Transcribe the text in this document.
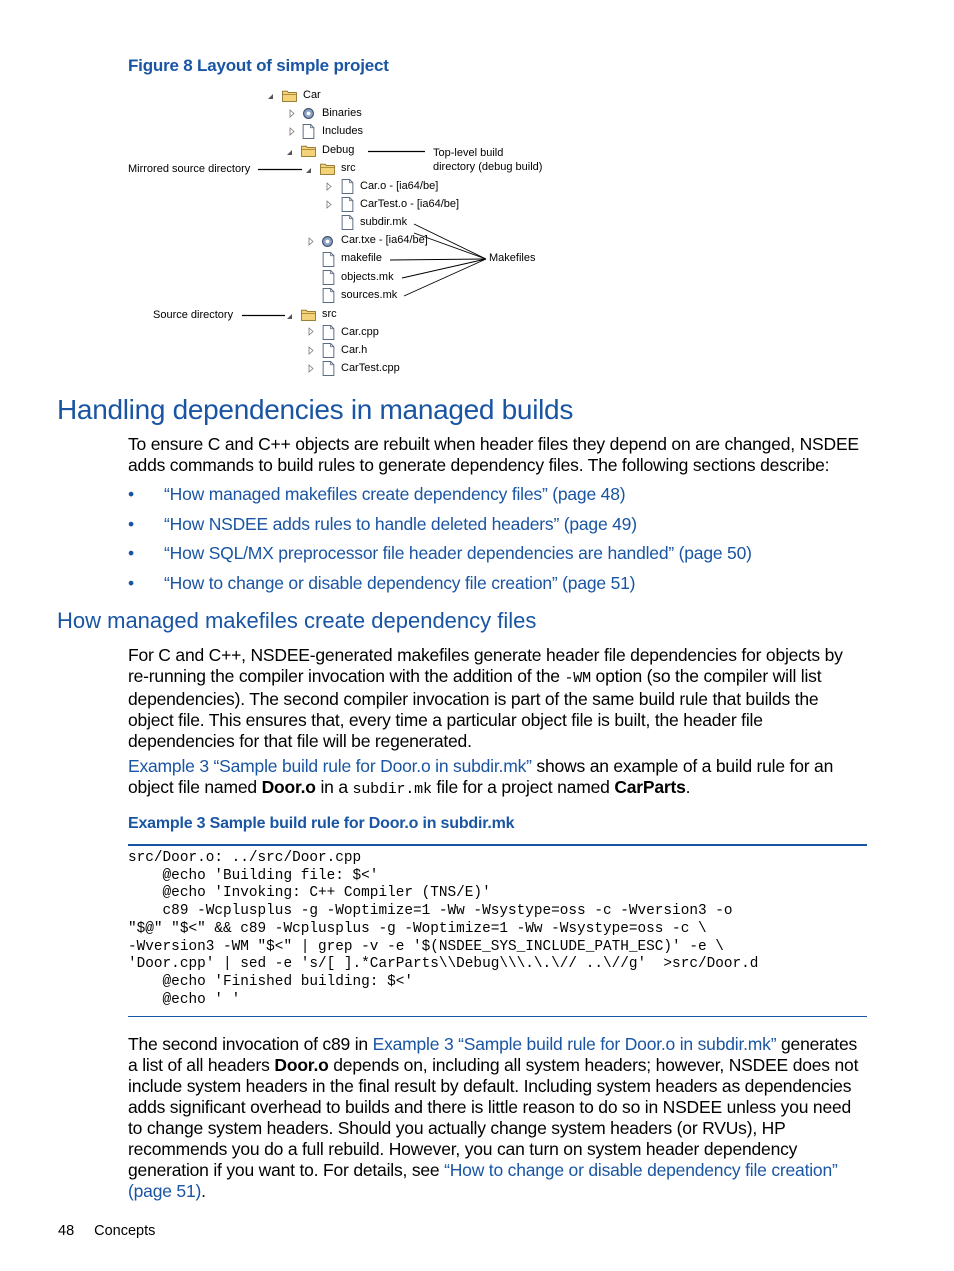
Figure 8 Layout of simple project
Car
Binaries
Includes
Debug
src
Car.o - [ia64/be]
CarTest.o - [ia64/be]
subdir.mk
Car.txe - [ia64/be]
makefile
objects.mk
sources.mk
src
Car.cpp
Car.h
CarTest.cpp
Top-level build
directory (debug build)
Mirrored source directory
Makefiles
Source directory
Handling dependencies in managed builds

To ensure C and C++ objects are rebuilt when header files they depend on are changed, NSDEE adds commands to build rules to generate dependency files. The following sections describe:

• “How managed makefiles create dependency files” (page 48)
• “How NSDEE adds rules to handle deleted headers” (page 49)
• “How SQL/MX preprocessor file header dependencies are handled” (page 50)
• “How to change or disable dependency file creation” (page 51)
How managed makefiles create dependency files

For C and C++, NSDEE-generated makefiles generate header file dependencies for objects by re-running the compiler invocation with the addition of the -WM option (so the compiler will list dependencies). The second compiler invocation is part of the same build rule that builds the object file. This ensures that, every time a particular object file is built, the header file dependencies for that file will be regenerated.

Example 3 “Sample build rule for Door.o in subdir.mk” shows an example of a build rule for an object file named Door.o in a subdir.mk file for a project named CarParts.

Example 3 Sample build rule for Door.o in subdir.mk
src/Door.o: ../src/Door.cpp
@echo 'Building file: $<'
@echo 'Invoking: C++ Compiler (TNS/E)'
c89 -Wcplusplus -g -Woptimize=1 -Ww -Wsystype=oss -c -Wversion3 -o
"$@" "$<" && c89 -Wcplusplus -g -Woptimize=1 -Ww -Wsystype=oss -c \
-Wversion3 -WM "$<" | grep -v -e '$(NSDEE_SYS_INCLUDE_PATH_ESC)' -e \
'Door.cpp' | sed -e 's/[ ].*CarParts\\Debug\\\.\.\// ..\//g'  >src/Door.d
@echo 'Finished building: $<'
@echo ' '

The second invocation of c89 in Example 3 “Sample build rule for Door.o in subdir.mk” generates a list of all headers Door.o depends on, including all system headers; however, NSDEE does not include system headers in the final result by default. Including system headers as dependencies adds significant overhead to builds and there is little reason to do so in NSDEE unless you need to change system headers. Should you actually change system headers (or RVUs), HP recommends you do a full rebuild. However, you can turn on system header dependency generation if you want to. For details, see “How to change or disable dependency file creation” (page 51).

48 Concepts
